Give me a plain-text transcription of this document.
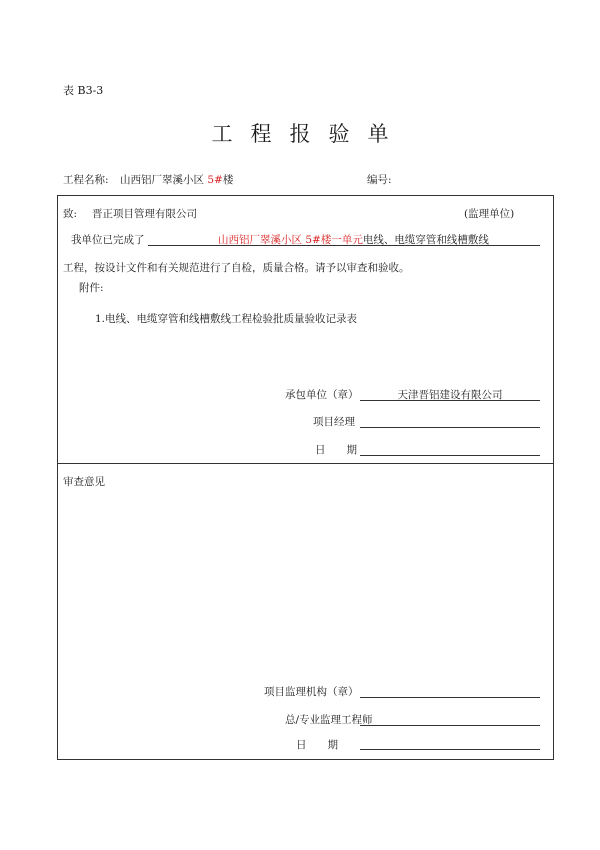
表 B3-3
工程报验单
工程名称: 山西铝厂翠溪小区 5#楼	编号:
致: 晋正项目管理有限公司	(监理单位)
我单位已完成了	山西铝厂翠溪小区 5#楼一单元电线、电缆穿管和线槽敷线
工程，按设计文件和有关规范进行了自检，质量合格。请予以审查和验收。
附件:
1.电线、电缆穿管和线槽敷线工程检验批质量验收记录表
承包单位（章）	天津晋铝建设有限公司
项目经理
日　　期
审查意见
项目监理机构（章）
总/专业监理工程师
日　　期
